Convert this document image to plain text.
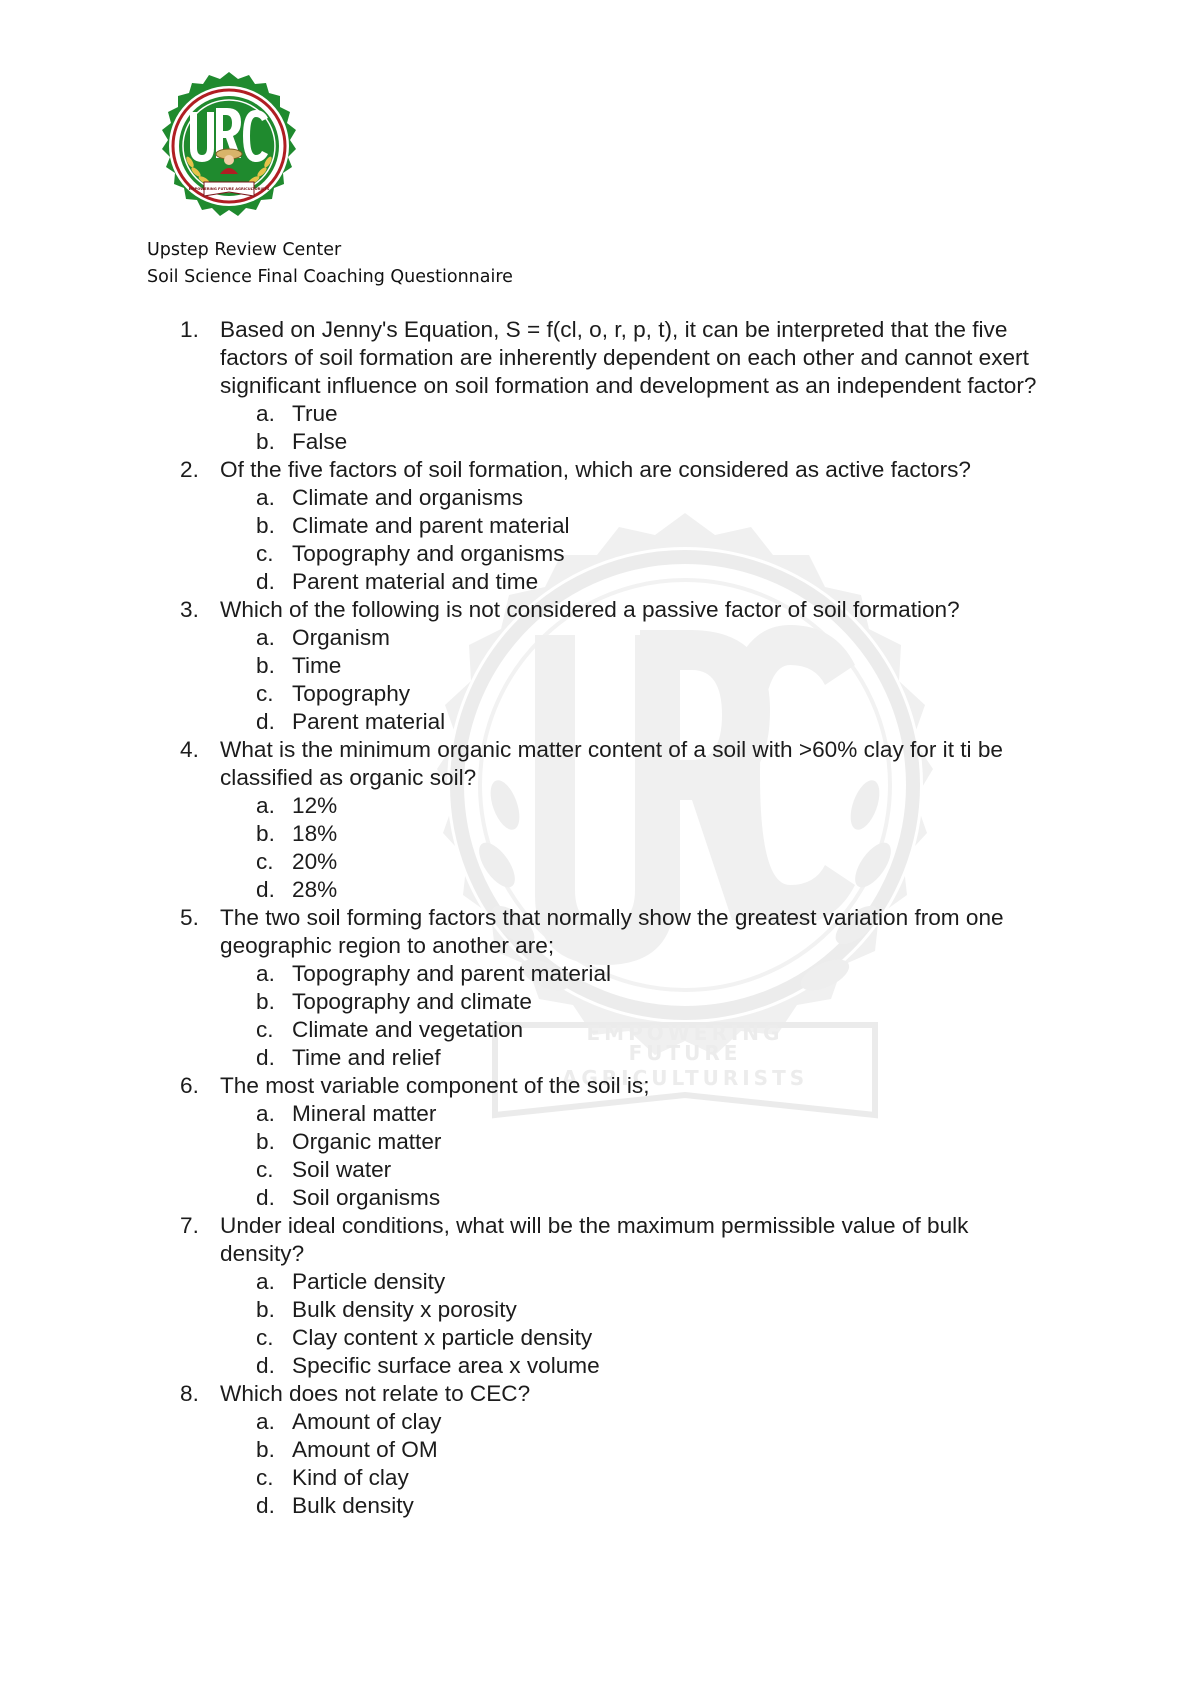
EMPOWERING
FUTURE
AGRICULTURISTS
EMPOWERING FUTURE AGRICULTURISTS
Upstep Review Center
Soil Science Final Coaching Questionnaire
1. Based on Jenny's Equation, S = f(cl, o, r, p, t), it can be interpreted that the five factors of soil formation are inherently dependent on each other and cannot exert significant influence on soil formation and development as an independent factor?
a. True
b. False
2. Of the five factors of soil formation, which are considered as active factors?
a. Climate and organisms
b. Climate and parent material
c. Topography and organisms
d. Parent material and time
3. Which of the following is not considered a passive factor of soil formation?
a. Organism
b. Time
c. Topography
d. Parent material
4. What is the minimum organic matter content of a soil with >60% clay for it ti be classified as organic soil?
a. 12%
b. 18%
c. 20%
d. 28%
5. The two soil forming factors that normally show the greatest variation from one geographic region to another are;
a. Topography and parent material
b. Topography and climate
c. Climate and vegetation
d. Time and relief
6. The most variable component of the soil is;
a. Mineral matter
b. Organic matter
c. Soil water
d. Soil organisms
7. Under ideal conditions, what will be the maximum permissible value of bulk density?
a. Particle density
b. Bulk density x porosity
c. Clay content x particle density
d. Specific surface area x volume
8. Which does not relate to CEC?
a. Amount of clay
b. Amount of OM
c. Kind of clay
d. Bulk density
